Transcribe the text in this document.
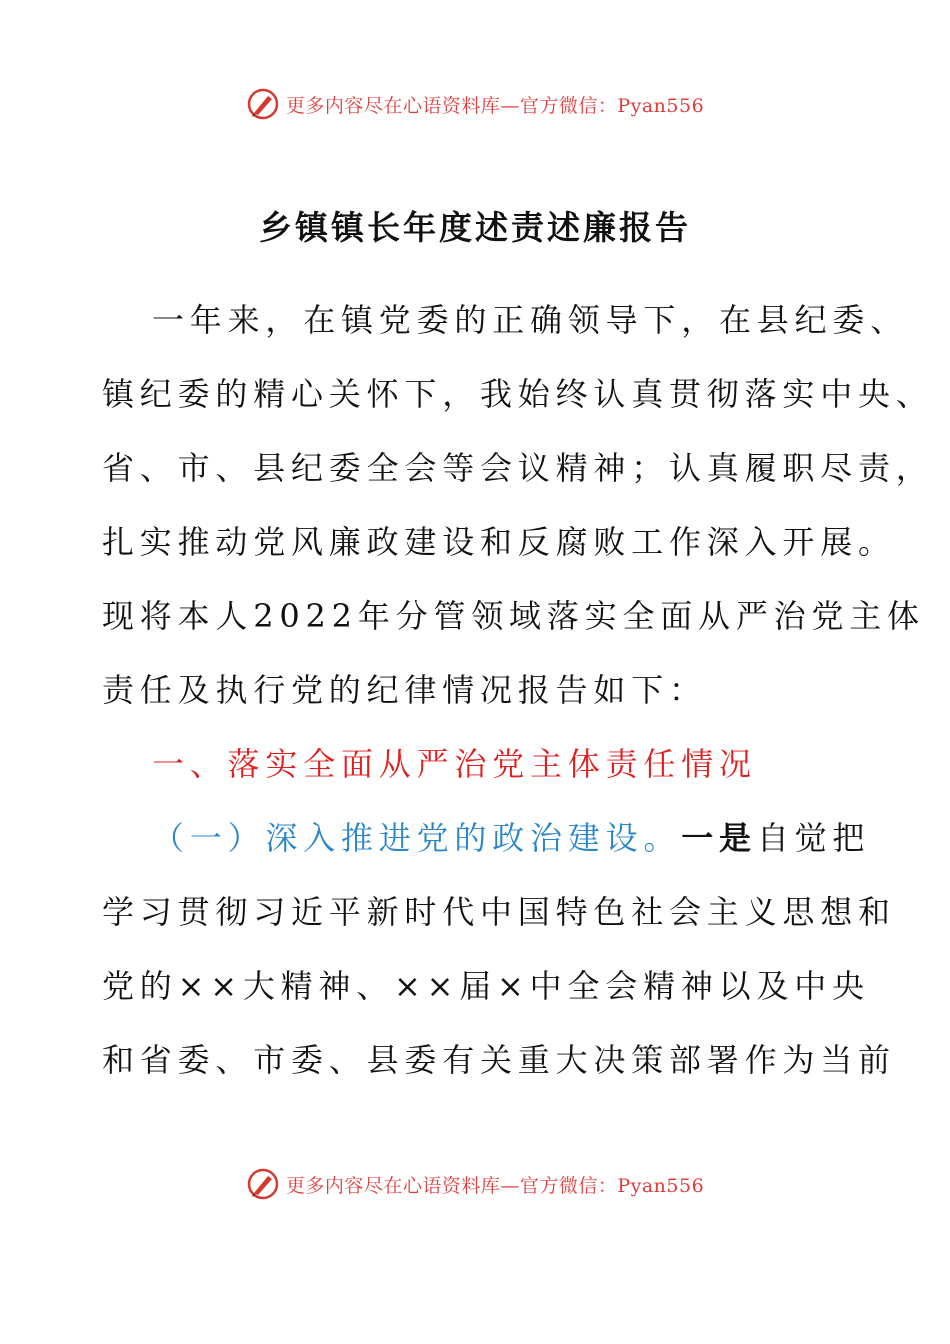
更多内容尽在心语资料库—官方微信：Pyan556
乡镇镇长年度述责述廉报告
一年来，在镇党委的正确领导下，在县纪委、
镇纪委的精心关怀下，我始终认真贯彻落实中央、
省、市、县纪委全会等会议精神；认真履职尽责，
扎实推动党风廉政建设和反腐败工作深入开展。
现将本人2022年分管领域落实全面从严治党主体
责任及执行党的纪律情况报告如下：
一、落实全面从严治党主体责任情况
（一）深入推进党的政治建设。一是自觉把
学习贯彻习近平新时代中国特色社会主义思想和
党的××大精神、××届×中全会精神以及中央
和省委、市委、县委有关重大决策部署作为当前
更多内容尽在心语资料库—官方微信：Pyan556
